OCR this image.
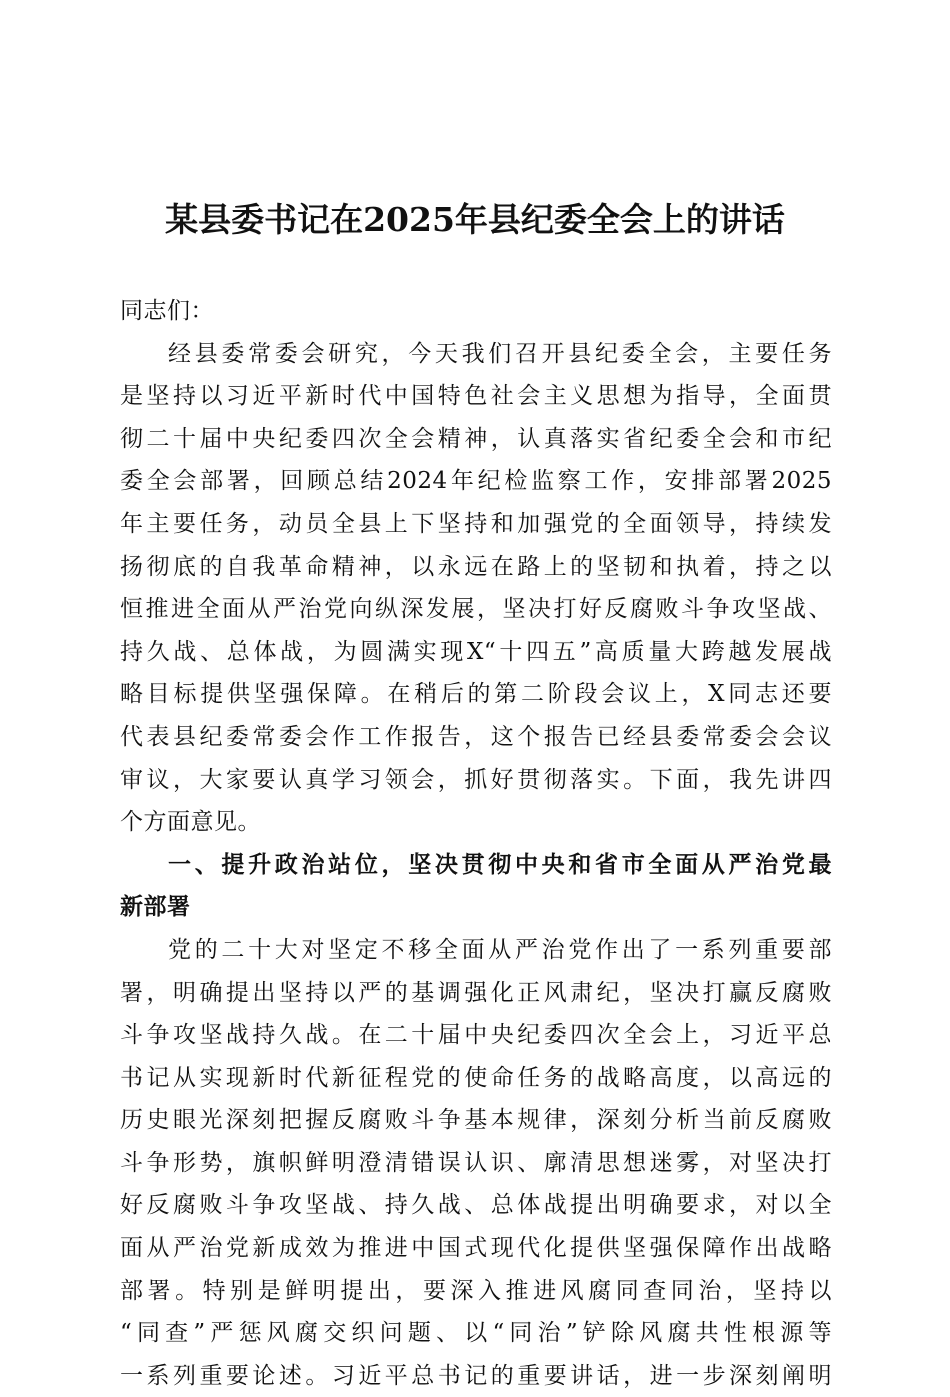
某县委书记在2025年县纪委全会上的讲话
同志们：
经县委常委会研究，今天我们召开县纪委全会，主要任务
是坚持以习近平新时代中国特色社会主义思想为指导，全面贯
彻二十届中央纪委四次全会精神，认真落实省纪委全会和市纪
委全会部署，回顾总结2024年纪检监察工作，安排部署2025
年主要任务，动员全县上下坚持和加强党的全面领导，持续发
扬彻底的自我革命精神，以永远在路上的坚韧和执着，持之以
恒推进全面从严治党向纵深发展，坚决打好反腐败斗争攻坚战、
持久战、总体战，为圆满实现X“十四五”高质量大跨越发展战
略目标提供坚强保障。在稍后的第二阶段会议上，X同志还要
代表县纪委常委会作工作报告，这个报告已经县委常委会会议
审议，大家要认真学习领会，抓好贯彻落实。下面，我先讲四
个方面意见。
一、提升政治站位，坚决贯彻中央和省市全面从严治党最
新部署
党的二十大对坚定不移全面从严治党作出了一系列重要部
署，明确提出坚持以严的基调强化正风肃纪，坚决打赢反腐败
斗争攻坚战持久战。在二十届中央纪委四次全会上，习近平总
书记从实现新时代新征程党的使命任务的战略高度，以高远的
历史眼光深刻把握反腐败斗争基本规律，深刻分析当前反腐败
斗争形势，旗帜鲜明澄清错误认识、廓清思想迷雾，对坚决打
好反腐败斗争攻坚战、持久战、总体战提出明确要求，对以全
面从严治党新成效为推进中国式现代化提供坚强保障作出战略
部署。特别是鲜明提出，要深入推进风腐同查同治，坚持以
“同查”严惩风腐交织问题、以“同治”铲除风腐共性根源等
一系列重要论述。习近平总书记的重要讲话，进一步深刻阐明
